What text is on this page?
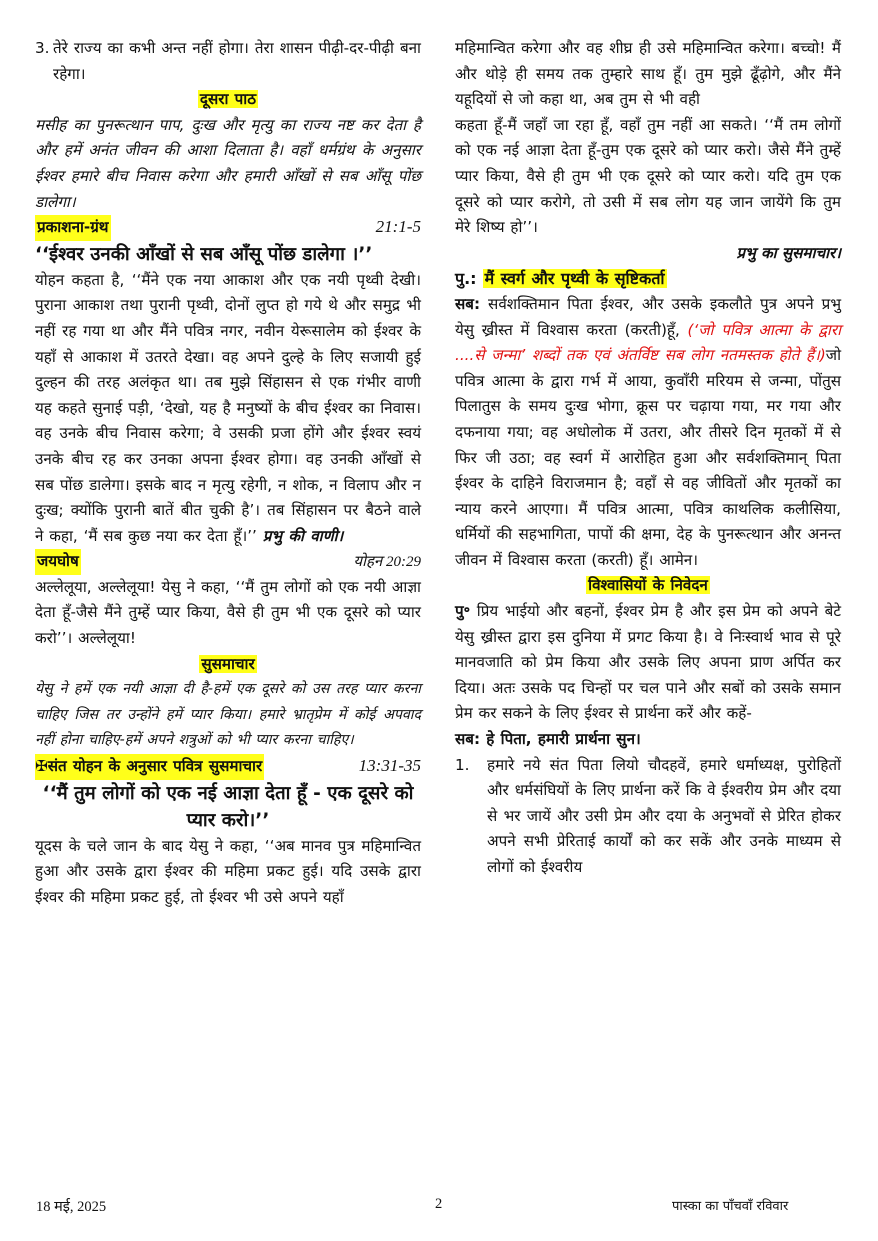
3. तेरे राज्य का कभी अन्त नहीं होगा। तेरा शासन पीढ़ी-दर-पीढ़ी बना रहेगा।

दूसरा पाठ

मसीह का पुनरूत्थान पाप, दुःख और मृत्यु का राज्य नष्ट कर देता है और हमें अनंत जीवन की आशा दिलाता है। वहाँ धर्मग्रंथ के अनुसार ईश्वर हमारे बीच निवास करेगा और हमारी आँखों से सब आँसू पोंछ डालेगा।

प्रकाशना-ग्रंथ	21:1-5

‘‘ईश्वर उनकी आँखों से सब आँसू पोंछ डालेगा ।’’

योहन कहता है, ‘‘मैंने एक नया आकाश और एक नयी पृथ्वी देखी। पुराना आकाश तथा पुरानी पृथ्वी, दोनों लुप्त हो गये थे और समुद्र भी नहीं रह गया था और मैंने पवित्र नगर, नवीन येरूसालेम को ईश्वर के यहाँ से आकाश में उतरते देखा। वह अपने दुल्हे के लिए सजायी हुई दुल्हन की तरह अलंकृत था। तब मुझे सिंहासन से एक गंभीर वाणी यह कहते सुनाई पड़ी, ‘देखो, यह है मनुष्यों के बीच ईश्वर का निवास। वह उनके बीच निवास करेगा; वे उसकी प्रजा होंगे और ईश्वर स्वयं उनके बीच रह कर उनका अपना ईश्वर होगा। वह उनकी आँखों से सब पोंछ डालेगा। इसके बाद न मृत्यु रहेगी, न शोक, न विलाप और न दुःख; क्योंकि पुरानी बातें बीत चुकी है’। तब सिंहासन पर बैठने वाले ने कहा, ‘मैं सब कुछ नया कर देता हूँ।’’ प्रभु की वाणी।

जयघोष	योहन 20:29

अल्लेलूया, अल्लेलूया! येसु ने कहा, ‘‘मैं तुम लोगों को एक नयी आज्ञा देता हूँ-जैसे मैंने तुम्हें प्यार किया, वैसे ही तुम भी एक दूसरे को प्यार करो’’। अल्लेलूया!

सुसमाचार

येसु ने हमें एक नयी आज्ञा दी है-हमें एक दूसरे को उस तरह प्यार करना चाहिए जिस तर उन्होंने हमें प्यार किया। हमारे भ्रातृप्रेम में कोई अपवाद नहीं होना चाहिए-हमें अपने शत्रुओं को भी प्यार करना चाहिए।

✠संत योहन के अनुसार पवित्र सुसमाचार	13:31-35

‘‘मैं तुम लोगों को एक नई आज्ञा देता हूँ - एक दूसरे को प्यार करो।’’

यूदस के चले जान के बाद येसु ने कहा, ‘‘अब मानव पुत्र महिमान्वित हुआ और उसके द्वारा ईश्वर की महिमा प्रकट हुई। यदि उसके द्वारा ईश्वर की महिमा प्रकट हुई, तो ईश्वर भी उसे अपने यहाँ

महिमान्वित करेगा और वह शीघ्र ही उसे महिमान्वित करेगा। बच्चो! मैं और थोड़े ही समय तक तुम्हारे साथ हूँ। तुम मुझे ढूँढ़ोगे, और मैंने यहूदियों से जो कहा था, अब तुम से भी वही

कहता हूँ-मैं जहाँ जा रहा हूँ, वहाँ तुम नहीं आ सकते। ‘‘मैं तम लोगों को एक नई आज्ञा देता हूँ-तुम एक दूसरे को प्यार करो। जैसे मैंने तुम्हें प्यार किया, वैसे ही तुम भी एक दूसरे को प्यार करो। यदि तुम एक दूसरे को प्यार करोगे, तो उसी में सब लोग यह जान जायेंगे कि तुम मेरे शिष्य हो’’।

प्रभु का सुसमाचार।

पु.: मैं स्वर्ग और पृथ्वी के सृष्टिकर्ता

सब: सर्वशक्तिमान पिता ईश्वर, और उसके इकलौते पुत्र अपने प्रभु येसु ख्रीस्त में विश्वास करता (करती)हूँ, (‘जो पवित्र आत्मा के द्वारा ....से जन्मा’ शब्दों तक एवं अंतर्विष्ट सब लोग नतमस्तक होते हैं।)जो पवित्र आत्मा के द्वारा गर्भ में आया, कुवाँरी मरियम से जन्मा, पोंतुस पिलातुस के समय दुःख भोगा, क्रूस पर चढ़ाया गया, मर गया और दफनाया गया; वह अधोलोक में उतरा, और तीसरे दिन मृतकों में से फिर जी उठा; वह स्वर्ग में आरोहित हुआ और सर्वशक्तिमान् पिता ईश्वर के दाहिने विराजमान है; वहाँ से वह जीवितों और मृतकों का न्याय करने आएगा। मैं पवित्र आत्मा, पवित्र काथलिक कलीसिया, धर्मियों की सहभागिता, पापों की क्षमा, देह के पुनरूत्थान और अनन्त जीवन में विश्वास करता (करती) हूँ। आमेन।

विश्वासियों के निवेदन

पु॰ प्रिय भाईयो और बहनों, ईश्वर प्रेम है और इस प्रेम को अपने बेटे येसु ख्रीस्त द्वारा इस दुनिया में प्रगट किया है। वे निःस्वार्थ भाव से पूरे मानवजाति को प्रेम किया और उसके लिए अपना प्राण अर्पित कर दिया। अतः उसके पद चिन्हों पर चल पाने और सबों को उसके समान प्रेम कर सकने के लिए ईश्वर से प्रार्थना करें और कहें-

सब: हे पिता, हमारी प्रार्थना सुन।

1.	हमारे नये संत पिता लियो चौदहवें, हमारे धर्माध्यक्ष, पुरोहितों और धर्मसंघियों के लिए प्रार्थना करें कि वे ईश्वरीय प्रेम और दया से भर जायें और उसी प्रेम और दया के अनुभवों से प्रेरित होकर अपने सभी प्रेरिताई कार्यों को कर सकें और उनके माध्यम से लोगों को ईश्वरीय
18 मई, 2025	2	पास्का का पाँचवाँ रविवार
